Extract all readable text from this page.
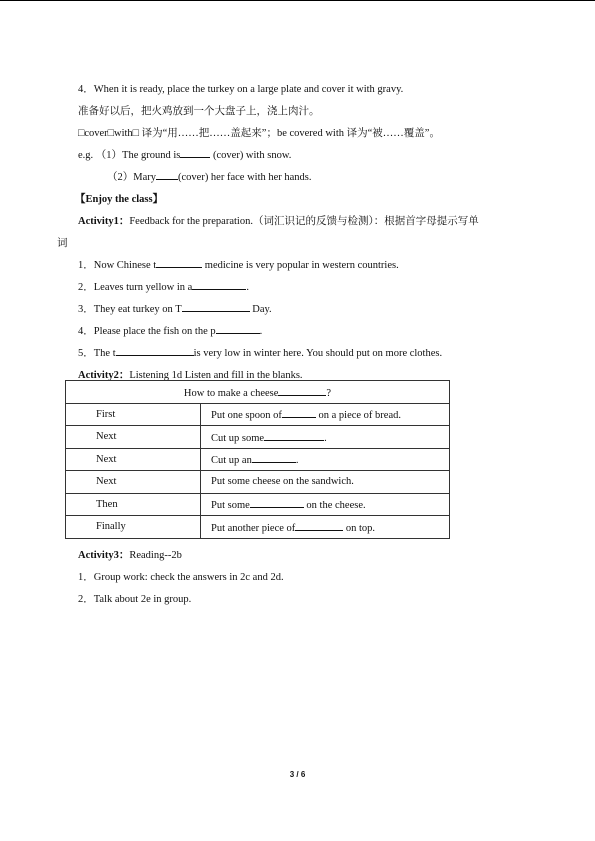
4．When it is ready, place the turkey on a large plate and cover it with gravy.
准备好以后，把火鸡放到一个大盘子上，浇上肉汁。
□cover□with□ 译为“用……把……盖起来”；be covered with 译为“被……覆盖”。
e.g. （1）The ground is	(cover) with snow.
（2）Mary (cover) her face with her hands.
【Enjoy the class】
Activity1：Feedback for the preparation.（词汇识记的反馈与检测）：根据首字母提示写单
词
1．Now Chinese t	medicine is very popular in western countries.
2．Leaves turn yellow in a	.
3．They eat turkey on T	Day.
4．Please place the fish on the p	.
5．The t	is very low in winter here. You should put on more clothes.
Activity2：Listening 1d Listen and fill in the blanks.
How to make a cheese ?	
First	Put one spoon of on a piece of bread.
Next	Cut up some .
Next	Cut up an .
Next	Put some cheese on the sandwich.
Then	Put some on the cheese.
Finally	Put another piece of on top.
Activity3：Reading--2b
1．Group work: check the answers in 2c and 2d.
2．Talk about 2e in group.
3 / 6
